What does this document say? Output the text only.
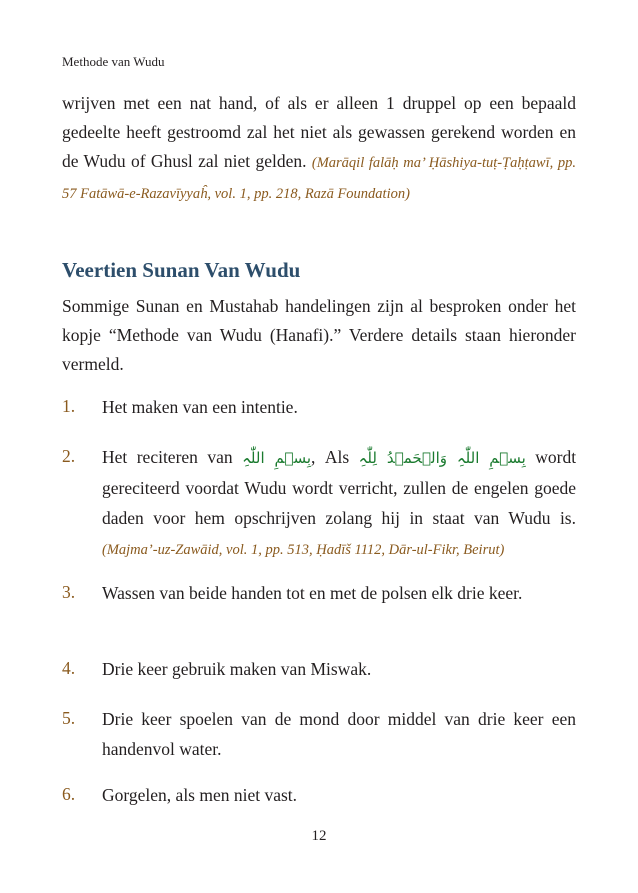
Methode van Wudu

wrijven met een nat hand, of als er alleen 1 druppel op een bepaald gedeelte heeft gestroomd zal het niet als gewassen gerekend worden en de Wudu of Ghusl zal niet gelden. (Marāqil falāḥ ma’ Ḥāshiya-tuṭ-Ṭaḥṭawī, pp. 57 Fatāwā-e-Razavīyyaĥ, vol. 1, pp. 218, Razā Foundation)

Veertien Sunan Van Wudu

Sommige Sunan en Mustahab handelingen zijn al besproken onder het kopje “Methode van Wudu (Hanafi).” Verdere details staan hieronder vermeld.

1. Het maken van een intentie.
2. Het reciteren van بِسۡمِ اللّٰہِ, Als بِسۡمِ اللّٰہِ وَالۡحَمۡدُ لِلّٰہِ wordt gereciteerd voordat Wudu wordt verricht, zullen de engelen goede daden voor hem opschrijven zolang hij in staat van Wudu is. (Majma’-uz-Zawāid, vol. 1, pp. 513, Ḥadīš 1112, Dār-ul-Fikr, Beirut)
3. Wassen van beide handen tot en met de polsen elk drie keer.
4. Drie keer gebruik maken van Miswak.
5. Drie keer spoelen van de mond door middel van drie keer een handenvol water.
6. Gorgelen, als men niet vast.
12
